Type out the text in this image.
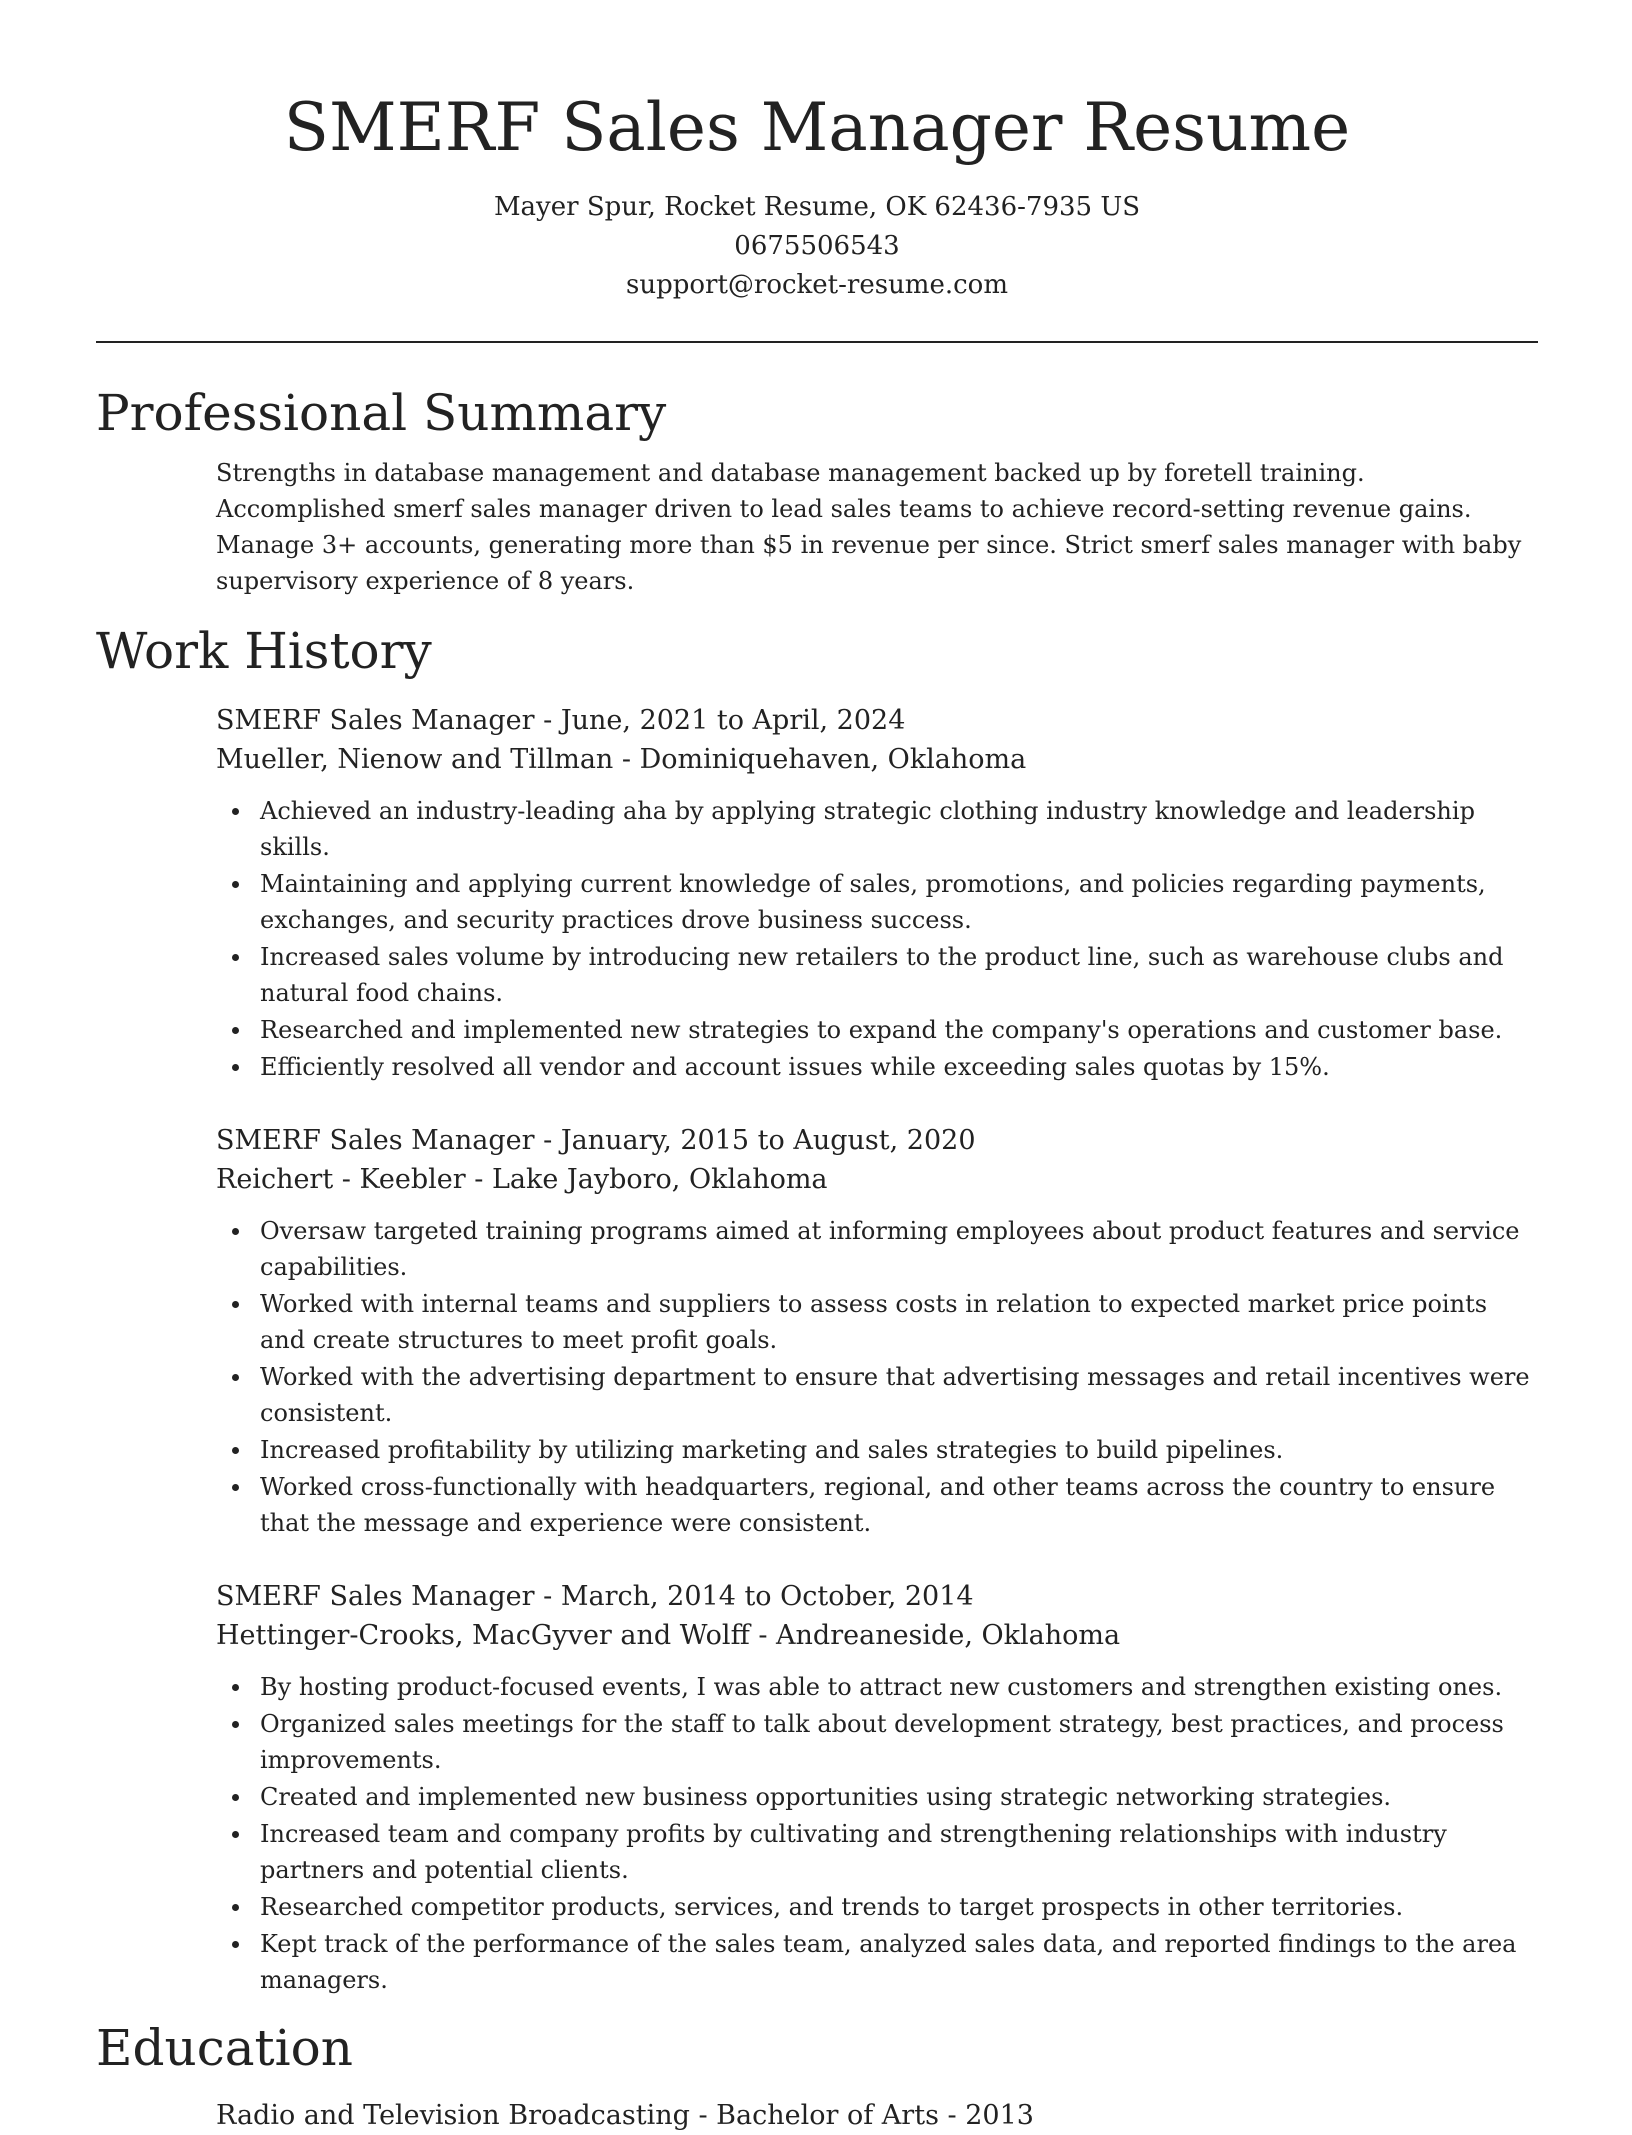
SMERF Sales Manager Resume
Mayer Spur, Rocket Resume, OK 62436-7935 US
0675506543
support@rocket-resume.com
Professional Summary
Strengths in database management and database management backed up by foretell training. Accomplished smerf sales manager driven to lead sales teams to achieve record-setting revenue gains. Manage 3+ accounts, generating more than $5 in revenue per since. Strict smerf sales manager with baby supervisory experience of 8 years.
Work History
SMERF Sales Manager - June, 2021 to April, 2024
Mueller, Nienow and Tillman - Dominiquehaven, Oklahoma
Achieved an industry-leading aha by applying strategic clothing industry knowledge and leadership skills.
Maintaining and applying current knowledge of sales, promotions, and policies regarding payments, exchanges, and security practices drove business success.
Increased sales volume by introducing new retailers to the product line, such as warehouse clubs and natural food chains.
Researched and implemented new strategies to expand the company's operations and customer base.
Efficiently resolved all vendor and account issues while exceeding sales quotas by 15%.
SMERF Sales Manager - January, 2015 to August, 2020
Reichert - Keebler - Lake Jayboro, Oklahoma
Oversaw targeted training programs aimed at informing employees about product features and service capabilities.
Worked with internal teams and suppliers to assess costs in relation to expected market price points and create structures to meet profit goals.
Worked with the advertising department to ensure that advertising messages and retail incentives were consistent.
Increased profitability by utilizing marketing and sales strategies to build pipelines.
Worked cross-functionally with headquarters, regional, and other teams across the country to ensure that the message and experience were consistent.
SMERF Sales Manager - March, 2014 to October, 2014
Hettinger-Crooks, MacGyver and Wolff - Andreaneside, Oklahoma
By hosting product-focused events, I was able to attract new customers and strengthen existing ones.
Organized sales meetings for the staff to talk about development strategy, best practices, and process improvements.
Created and implemented new business opportunities using strategic networking strategies.
Increased team and company profits by cultivating and strengthening relationships with industry partners and potential clients.
Researched competitor products, services, and trends to target prospects in other territories.
Kept track of the performance of the sales team, analyzed sales data, and reported findings to the area managers.
Education
Radio and Television Broadcasting - Bachelor of Arts - 2013
